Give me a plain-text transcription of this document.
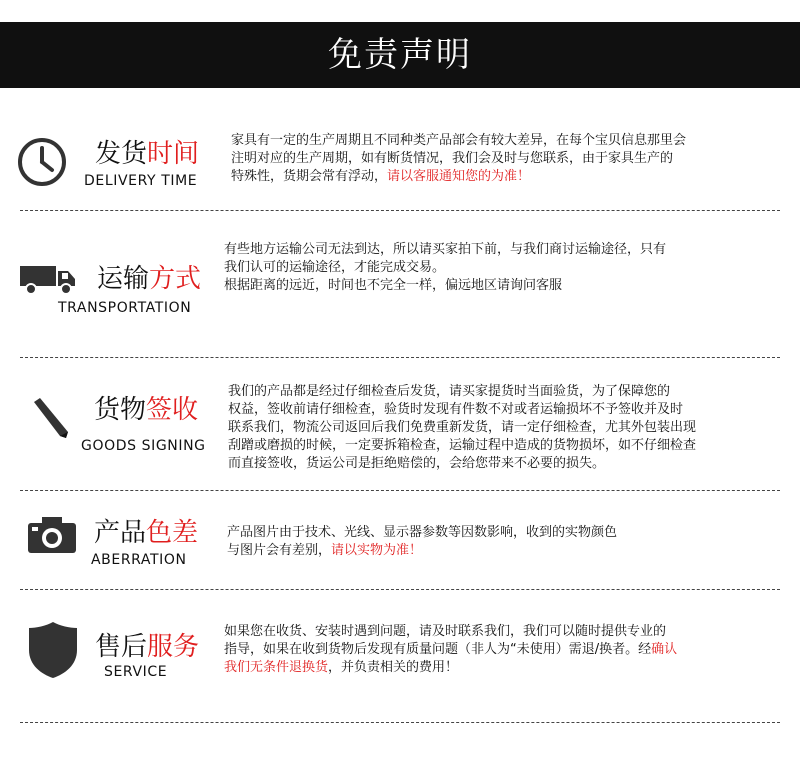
免责声明
发货时间
DELIVERY TIME

家具有一定的生产周期且不同种类产品部会有较大差异，在每个宝贝信息那里会

注明对应的生产周期，如有断货情况，我们会及时与您联系，由于家具生产的

特殊性，货期会常有浮动，请以客服通知您的为准！

运输方式
TRANSPORTATION

有些地方运输公司无法到达，所以请买家拍下前，与我们商讨运输途径，只有

我们认可的运输途径，才能完成交易。

根据距离的远近，时间也不完全一样，偏远地区请询问客服

货物签收
GOODS SIGNING

我们的产品都是经过仔细检查后发货，请买家提货时当面验货，为了保障您的

权益，签收前请仔细检查，验货时发现有件数不对或者运输损坏不予签收并及时

联系我们，物流公司返回后我们免费重新发货，请一定仔细检查，尤其外包装出现

刮蹭或磨损的时候，一定要拆箱检查，运输过程中造成的货物损坏，如不仔细检查

而直接签收，货运公司是拒绝赔偿的，会给您带来不必要的损失。

产品色差
ABERRATION

产品图片由于技术、光线、显示器参数等因数影响，收到的实物颜色

与图片会有差别，请以实物为准！

售后服务
SERVICE

如果您在收货、安装时遇到问题，请及时联系我们，我们可以随时提供专业的

指导，如果在收到货物后发现有质量问题（非人为“未使用）需退/换者。经确认

我们无条件退换货，并负责相关的费用！
